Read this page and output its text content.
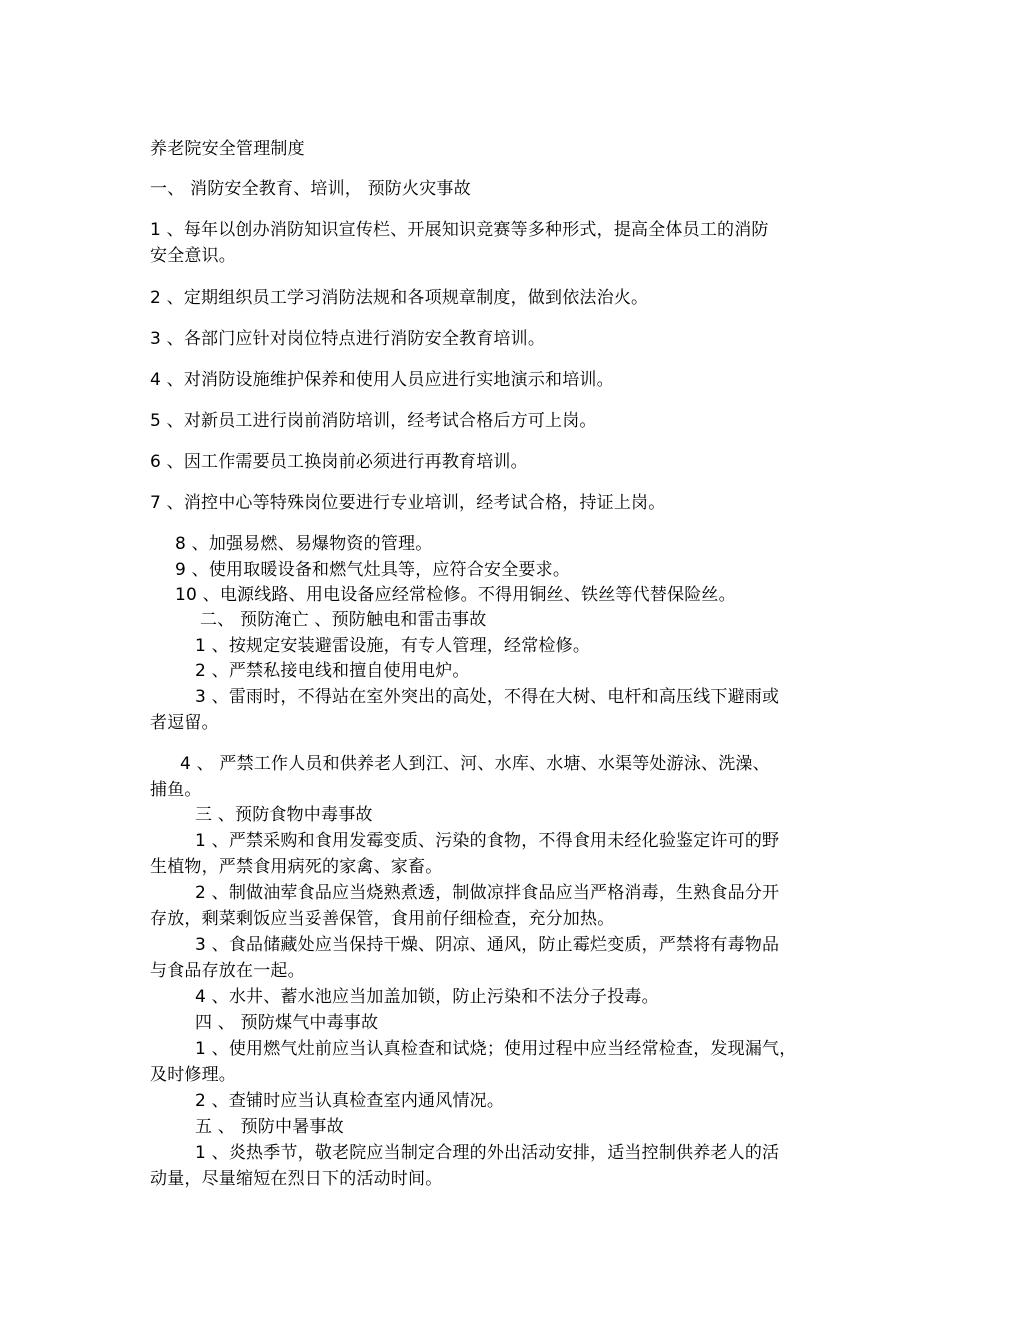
养老院安全管理制度

一、 消防安全教育、培训， 预防火灾事故

1 、每年以创办消防知识宣传栏、开展知识竞赛等多种形式，提高全体员工的消防

安全意识。

2 、定期组织员工学习消防法规和各项规章制度，做到依法治火。

3 、各部门应针对岗位特点进行消防安全教育培训。

4 、对消防设施维护保养和使用人员应进行实地演示和培训。

5 、对新员工进行岗前消防培训，经考试合格后方可上岗。

6 、因工作需要员工换岗前必须进行再教育培训。

7 、消控中心等特殊岗位要进行专业培训，经考试合格，持证上岗。

8 、加强易燃、易爆物资的管理。

9 、使用取暖设备和燃气灶具等，应符合安全要求。

10 、电源线路、用电设备应经常检修。不得用铜丝、铁丝等代替保险丝。

二、 预防淹亡 、预防触电和雷击事故

1 、按规定安装避雷设施，有专人管理，经常检修。

2 、严禁私接电线和擅自使用电炉。

3 、雷雨时，不得站在室外突出的高处，不得在大树、电杆和高压线下避雨或

者逗留。

4 、 严禁工作人员和供养老人到江、河、水库、水塘、水渠等处游泳、洗澡、

捕鱼。

三 、预防食物中毒事故

1 、严禁采购和食用发霉变质、污染的食物，不得食用未经化验鉴定许可的野

生植物，严禁食用病死的家禽、家畜。

2 、制做油荤食品应当烧熟煮透，制做凉拌食品应当严格消毒，生熟食品分开

存放，剩菜剩饭应当妥善保管，食用前仔细检查，充分加热。

3 、食品储藏处应当保持干燥、阴凉、通风，防止霉烂变质，严禁将有毒物品

与食品存放在一起。

4 、水井、蓄水池应当加盖加锁，防止污染和不法分子投毒。

四 、 预防煤气中毒事故

1 、使用燃气灶前应当认真检查和试烧；使用过程中应当经常检查，发现漏气，

及时修理。

2 、查铺时应当认真检查室内通风情况。

五 、 预防中暑事故

1 、炎热季节，敬老院应当制定合理的外出活动安排，适当控制供养老人的活

动量，尽量缩短在烈日下的活动时间。
